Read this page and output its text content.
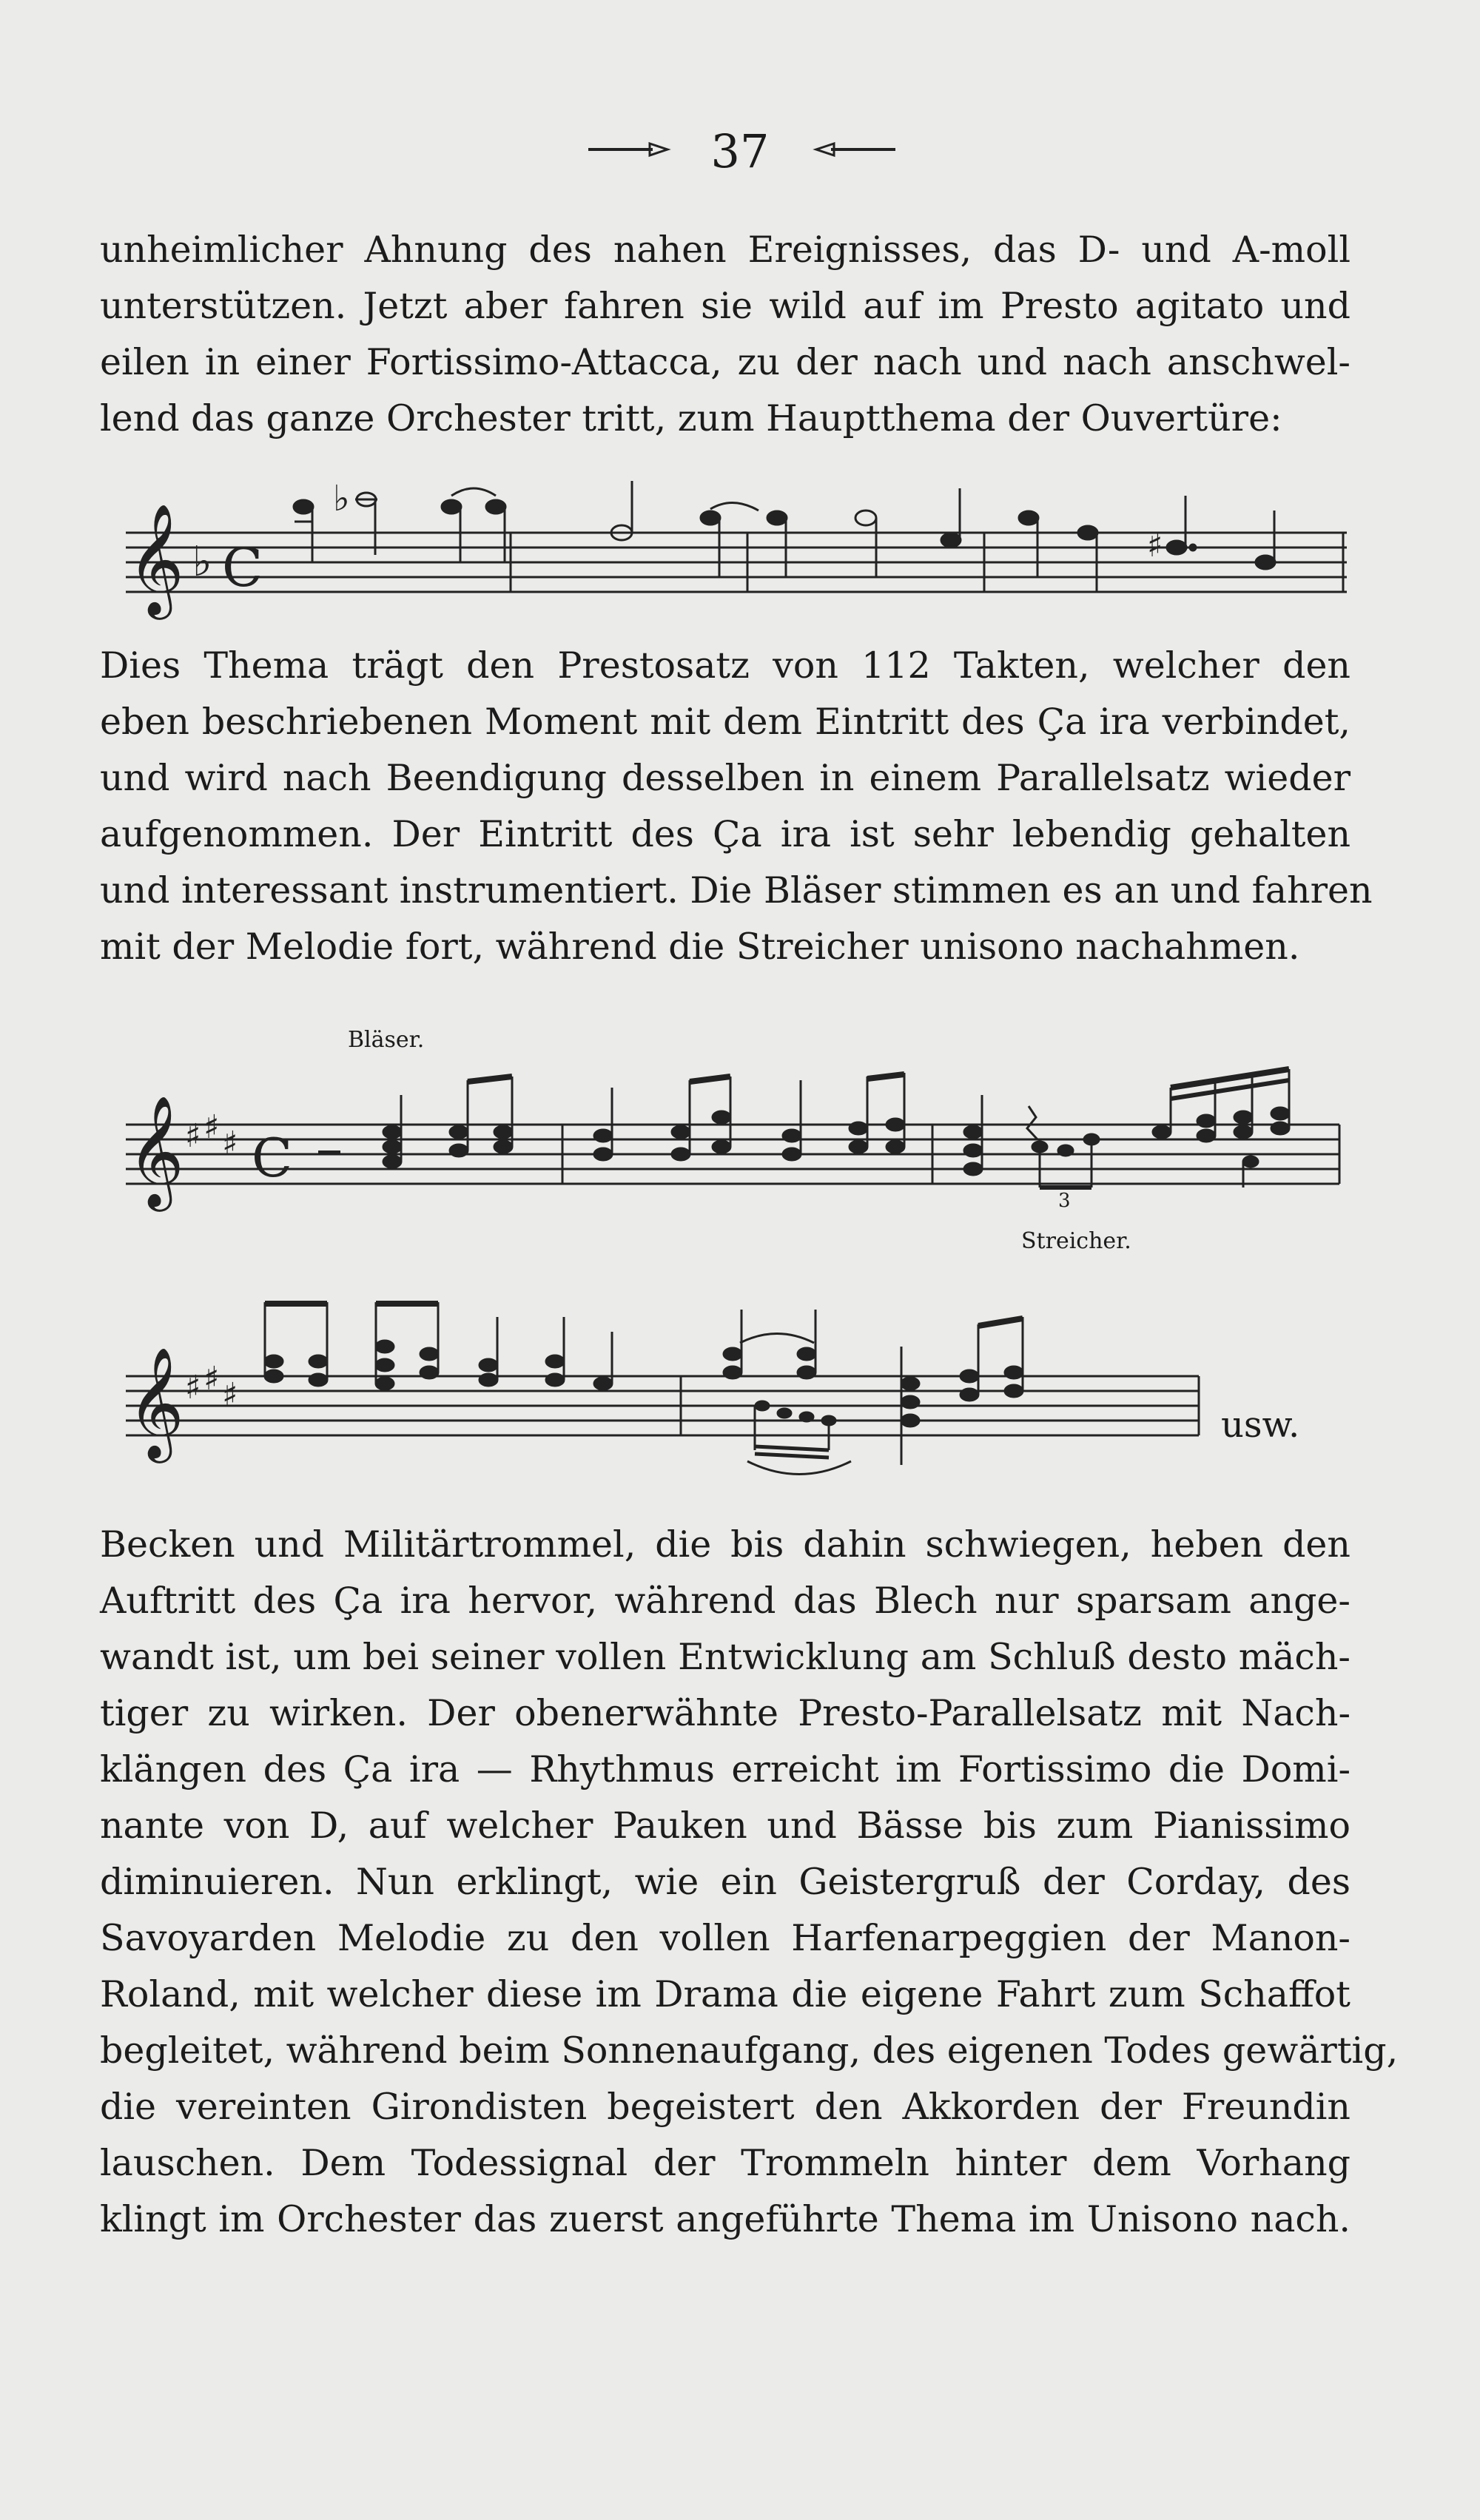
37
unheimlicher Ahnung des nahen Ereignisses, das D- und A-moll
unterstützen. Jetzt aber fahren sie wild auf im Presto agitato und
eilen in einer Fortissimo-Attacca, zu der nach und nach anschwel-
lend das ganze Orchester tritt, zum Hauptthema der Ouvertüre:
𝄞 ♭ C
♭
♯
Dies Thema trägt den Prestosatz von 112 Takten, welcher den
eben beschriebenen Moment mit dem Eintritt des Ça ira verbindet,
und wird nach Beendigung desselben in einem Parallelsatz wieder
aufgenommen. Der Eintritt des Ça ira ist sehr lebendig gehalten
und interessant instrumentiert. Die Bläser stimmen es an und fahren
mit der Melodie fort, während die Streicher unisono nachahmen.
Bläser.
𝄞 ♯ ♯ ♯ C
3
Streicher.
𝄞 ♯ ♯ ♯
usw.
Becken und Militärtrommel, die bis dahin schwiegen, heben den
Auftritt des Ça ira hervor, während das Blech nur sparsam ange-
wandt ist, um bei seiner vollen Entwicklung am Schluß desto mäch-
tiger zu wirken. Der obenerwähnte Presto-Parallelsatz mit Nach-
klängen des Ça ira — Rhythmus erreicht im Fortissimo die Domi-
nante von D, auf welcher Pauken und Bässe bis zum Pianissimo
diminuieren. Nun erklingt, wie ein Geistergruß der Corday, des
Savoyarden Melodie zu den vollen Harfenarpeggien der Manon-
Roland, mit welcher diese im Drama die eigene Fahrt zum Schaffot
begleitet, während beim Sonnenaufgang, des eigenen Todes gewärtig,
die vereinten Girondisten begeistert den Akkorden der Freundin
lauschen. Dem Todessignal der Trommeln hinter dem Vorhang
klingt im Orchester das zuerst angeführte Thema im Unisono nach.
